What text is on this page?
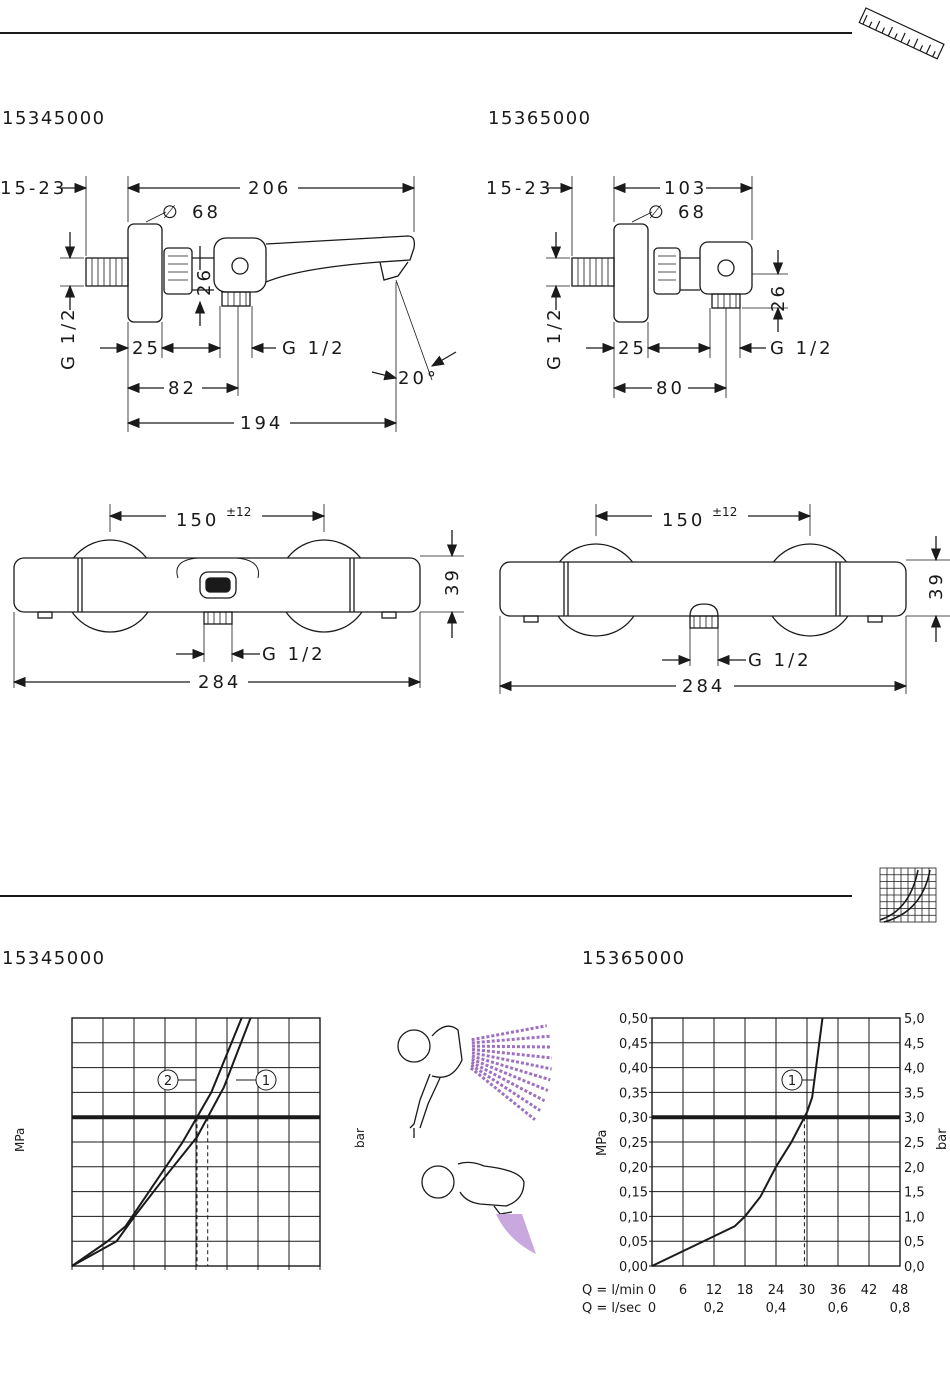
15345000	15365000
15345000	15365000
15-23	206
∅ 68
26
G 1/2	25	G 1/2
82
194
20°
15-23	103
∅ 68
26
G 1/2	25	G 1/2
80
150 ±12
39
G 1/2
284
150 ±12
39
G 1/2
284
MPa	bar
2	1
0,00
0,05
0,10
0,15
0,20
0,25
0,30
0,35
0,40
0,45
0,50
0,0
0,5
1,0
1,5
2,0
2,5
3,0
3,5
4,0
4,5
5,0
0 6 12 18 24 30 36 42 48
0	0,2	0,4	0,6	0,8
MPa	bar
Q = l/min
Q = l/sec
1
